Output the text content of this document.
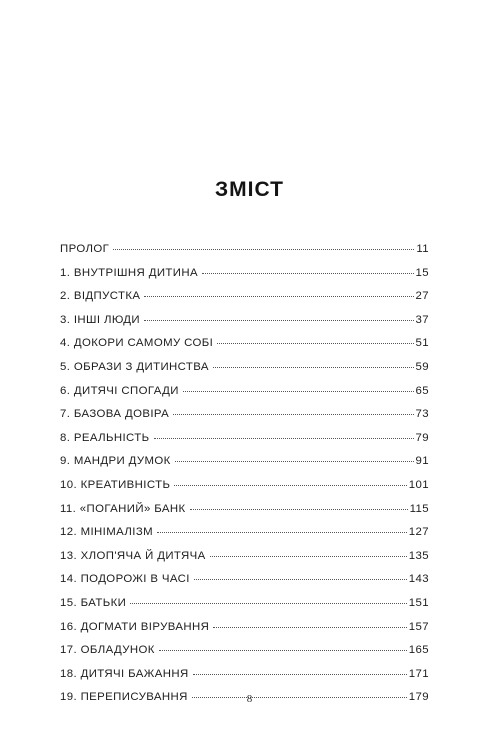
ЗМІСТ
ПРОЛОГ	11
1. ВНУТРІШНЯ ДИТИНА	15
2. ВІДПУСТКА	27
3. ІНШІ ЛЮДИ	37
4. ДОКОРИ САМОМУ СОБІ	51
5. ОБРАЗИ З ДИТИНСТВА	59
6. ДИТЯЧІ СПОГАДИ	65
7. БАЗОВА ДОВІРА	73
8. РЕАЛЬНІСТЬ	79
9. МАНДРИ ДУМОК	91
10. КРЕАТИВНІСТЬ	101
11. «ПОГАНИЙ» БАНК	115
12. МІНІМАЛІЗМ	127
13. ХЛОП'ЯЧА Й ДИТЯЧА	135
14. ПОДОРОЖІ В ЧАСІ	143
15. БАТЬКИ	151
16. ДОГМАТИ ВІРУВАННЯ	157
17. ОБЛАДУНОК	165
18. ДИТЯЧІ БАЖАННЯ	171
19. ПЕРЕПИСУВАННЯ	179
8
